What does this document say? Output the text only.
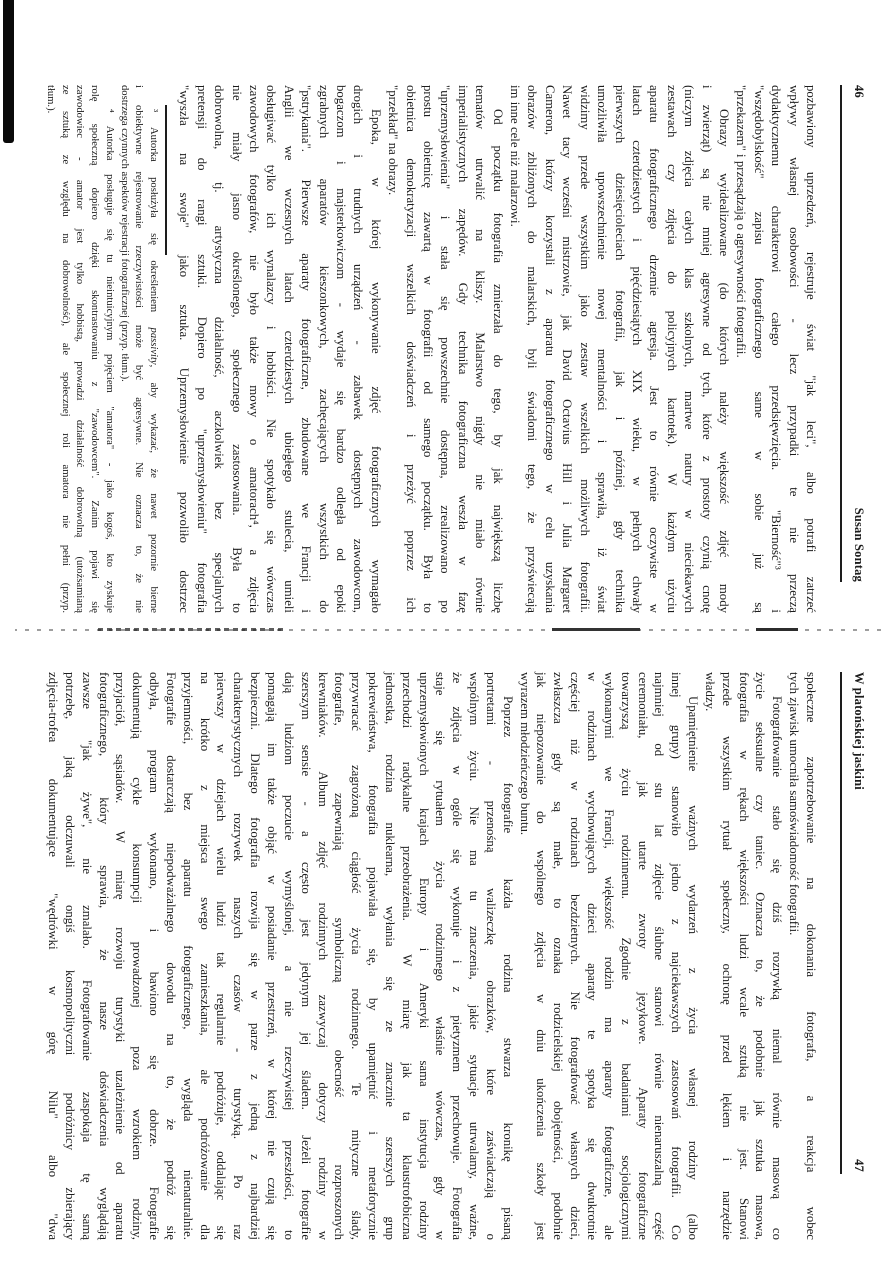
46
Susan Sontag
pozbawiony uprzedzeń, rejestruje świat "jak leci", albo potrafi zatrzeć
wpływy własnej osobowości - lecz przypadki te nie przeczą
dydaktycznemu charakterowi całego przedsięwzięcia. "Bierność"³ i
"wszędobylskość" zapisu fotograficznego same w sobie już są
"przekazem" i przesądzają o agresywności fotografii.
Obrazy wyidealizowane (do których należy większość zdjęć mody
i zwierząt) są nie mniej agresywne od tych, które z prostoty czynią cnotę
(niczym zdjęcia całych klas szkolnych, martwe natury w nieciekawych
zestawach czy zdjęcia do policyjnych kartotek). W każdym użyciu
aparatu fotograficznego drzemie agresja. Jest to równie oczywiste w
latach czterdziestych i pięćdziesiątych XIX wieku, w pełnych chwały
pierwszych dziesięcioleciach fotografii, jak i później, gdy technika
umożliwiła upowszechnienie nowej mentalności i sprawiła, iż świat
widzimy przede wszystkim jako zestaw wszelkich możliwych fotografii.
Nawet tacy wcześni mistrzowie, jak David Octavius Hill i Julia Margaret
Cameron, którzy korzystali z aparatu fotograficznego w celu uzyskania
obrazów zbliżonych do malarskich, byli świadomi tego, że przyświecają
im inne cele niż malarzowi.
Od początku fotografia zmierzała do tego, by jak największą liczbę
tematów utrwalić na kliszy. Malarstwo nigdy nie miało równie
imperialistycznych zapędów. Gdy technika fotograficzna weszła w fazę
"uprzemysłowienia" i stała się powszechnie dostępna, zrealizowano po
prostu obietnicę zawartą w fotografii od samego początku. Była to
obietnica demokratyzacji wszelkich doświadczeń i przeżyć poprzez ich
"przekład" na obrazy.
Epoka, w której wykonywanie zdjęć fotograficznych wymagało
drogich i trudnych urządzeń - zabawek dostępnych zawodowcom,
bogaczom i majsterkowiczom - wydaje się bardzo odległa od epoki
zgrabnych aparatów kieszonkowych, zachęcających wszystkich do
"pstrykania". Pierwsze aparaty fotograficzne, zbudowane we Francji i
Anglii we wczesnych latach czterdziestych ubiegłego stulecia, umieli
obsługiwać tylko ich wynalazcy i hobbiści. Nie spotykało się wówczas
zawodowych fotografów, nie było także mowy o amatorach⁴, a zdjęcia
nie miały jasno określonego, społecznego zastosowania. Była to
dobrowolna, tj. artystyczna działalność, aczkolwiek bez specjalnych
pretensji do rangi sztuki. Dopiero po "uprzemysłowieniu" fotografia
"wyszła na swoje" jako sztuka. Uprzemysłowienie pozwoliło dostrzec
³ Autorka posłużyła się określeniem passivity, aby wykazać, że nawet pozornie bierne
i obiektywne rejestrowanie rzeczywistości może być agresywne. Nie oznacza to, że nie
dostrzega czynnych aspektów rejestracji fotograficznej (przyp. tłum.).
⁴ Autorka posługuje się tu nieintuicyjnym pojęciem "amatora" - jako kogoś, kto zyskuje
rolę społeczną dopiero dzięki skontrastowaniu z "zawodowcem". Zanim pojawi się
zawodowiec - amator jest tylko hobbistą, prowadzi działalność dobrowolną (utożsamianą
ze sztuką ze względu na dobrowolność), ale społecznej roli amatora nie pełni (przyp.
tłum.).
W platońskiej jaskini
47
społeczne zapotrzebowanie na dokonania fotografa, a reakcja wobec
tych zjawisk umocniła samoświadomość fotografii.
Fotografowanie stało się dziś rozrywką niemal równie masową co
życie seksualne czy taniec. Oznacza to, że podobnie jak sztuka masowa,
fotografia w rękach większości ludzi wcale sztuką nie jest. Stanowi
przede wszystkim rytuał społeczny, ochronę przed lękiem i narzędzie
władzy.
Upamiętnienie ważnych wydarzeń z życia własnej rodziny (albo
innej grupy) stanowiło jedno z najciekawszych zastosowań fotografii. Co
najmniej od stu lat zdjęcie ślubne stanowi równie nienaruszalną część
ceremoniału, jak utarte zwroty językowe. Aparaty fotograficzne
towarzyszą życiu rodzinnemu. Zgodnie z badaniami socjologicznymi
wykonanymi we Francji, większość rodzin ma aparaty fotograficzne, ale
w rodzinach wychowujących dzieci aparaty te spotyka się dwukrotnie
częściej niż w rodzinach bezdzietnych. Nie fotografować własnych dzieci,
zwłaszcza gdy są małe, to oznaka rodzicielskiej obojętności, podobnie
jak niepozowanie do wspólnego zdjęcia w dniu ukończenia szkoły jest
wyrazem młodzieńczego buntu.
Poprzez fotografie każda rodzina stwarza kronikę pisaną
portretami - przenośną walizeczkę obrazków, które zaświadczają o
wspólnym życiu. Nie ma tu znaczenia, jakie sytuacje utrwalamy, ważne,
że zdjęcia w ogóle się wykonuje i z pietyzmem przechowuje. Fotografia
staje się rytuałem życia rodzinnego właśnie wówczas, gdy w
uprzemysłowionych krajach Europy i Ameryki sama instytucja rodziny
przechodzi radykalne przeobrażenia. W miarę jak ta klaustrofobiczna
jednostka, rodzina nuklearna, wyłania się ze znacznie szerszych grup
pokrewieństwa, fotografia pojawiała się, by upamiętnić i metaforycznie
przywracać zagrożoną ciągłość życia rodzinnego. Te mityczne ślady,
fotografie, zapewniają symboliczną obecność rozproszonych
krewniaków. Album zdjęć rodzinnych zazwyczaj dotyczy rodziny w
szerszym sensie - a często jest jedynym jej śladem. Jeżeli fotografie
dają ludziom poczucie wymyślonej, a nie rzeczywistej przeszłości, to
pomagają im także objąć w posiadanie przestrzeń, w której nie czują się
bezpieczni. Dlatego fotografia rozwija się w parze z jedną z najbardziej
charakterystycznych rozrywek naszych czasów - turystyką. Po raz
pierwszy w dziejach wielu ludzi tak regularnie podróżuje, oddalając się
na krótko z miejsca swego zamieszkania, ale podróżowanie dla
przyjemności, bez aparatu fotograficznego, wygląda nienaturalnie.
Fotografie dostarczają niepodważalnego dowodu na to, że podróż się
odbyła, program wykonano, i bawiono się dobrze. Fotografie
dokumentują cykle konsumpcji prowadzonej poza wzrokiem rodziny,
przyjaciół, sąsiadów. W miarę rozwoju turystyki uzależnienie od aparatu
fotograficznego, który sprawia, że nasze doświadczenia wyglądają
zawsze "jak żywe", nie zmalało. Fotografowanie zaspokaja tę samą
potrzebę, jaką odczuwali ongiś kosmopolityczni podróżnicy zbierający
zdjęcia-trofea dokumentujące "wędrówki w górę Nilu" albo "dwa
